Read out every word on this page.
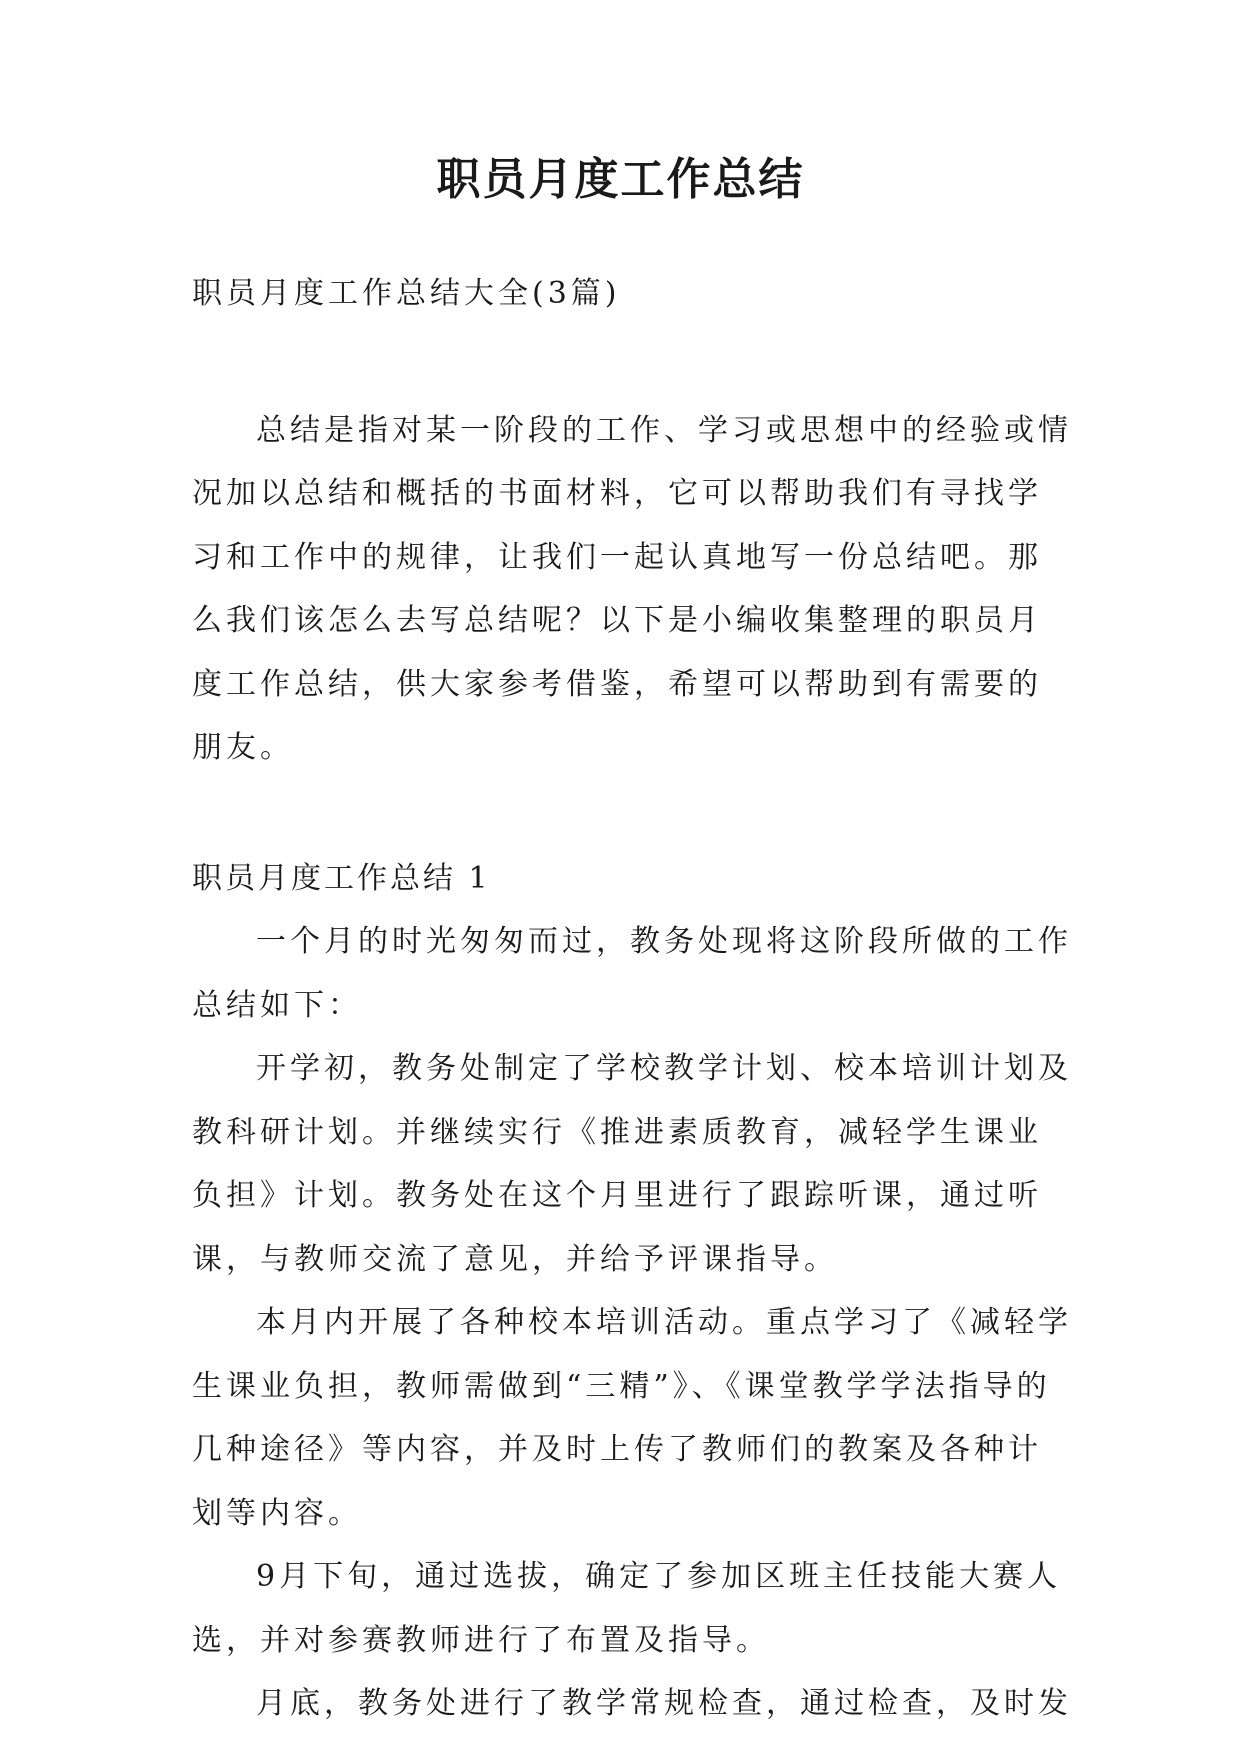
职员月度工作总结

职员月度工作总结大全(3篇)

总结是指对某一阶段的工作、学习或思想中的经验或情况加以总结和概括的书面材料，它可以帮助我们有寻找学习和工作中的规律，让我们一起认真地写一份总结吧。那么我们该怎么去写总结呢？以下是小编收集整理的职员月度工作总结，供大家参考借鉴，希望可以帮助到有需要的朋友。

职员月度工作总结 1

一个月的时光匆匆而过，教务处现将这阶段所做的工作总结如下：

开学初，教务处制定了学校教学计划、校本培训计划及教科研计划。并继续实行《推进素质教育，减轻学生课业负担》计划。教务处在这个月里进行了跟踪听课，通过听课，与教师交流了意见，并给予评课指导。

本月内开展了各种校本培训活动。重点学习了《减轻学生课业负担，教师需做到“三精”》、《课堂教学学法指导的几种途径》等内容，并及时上传了教师们的教案及各种计划等内容。

9月下旬，通过选拔，确定了参加区班主任技能大赛人选，并对参赛教师进行了布置及指导。

月底，教务处进行了教学常规检查，通过检查，及时发
